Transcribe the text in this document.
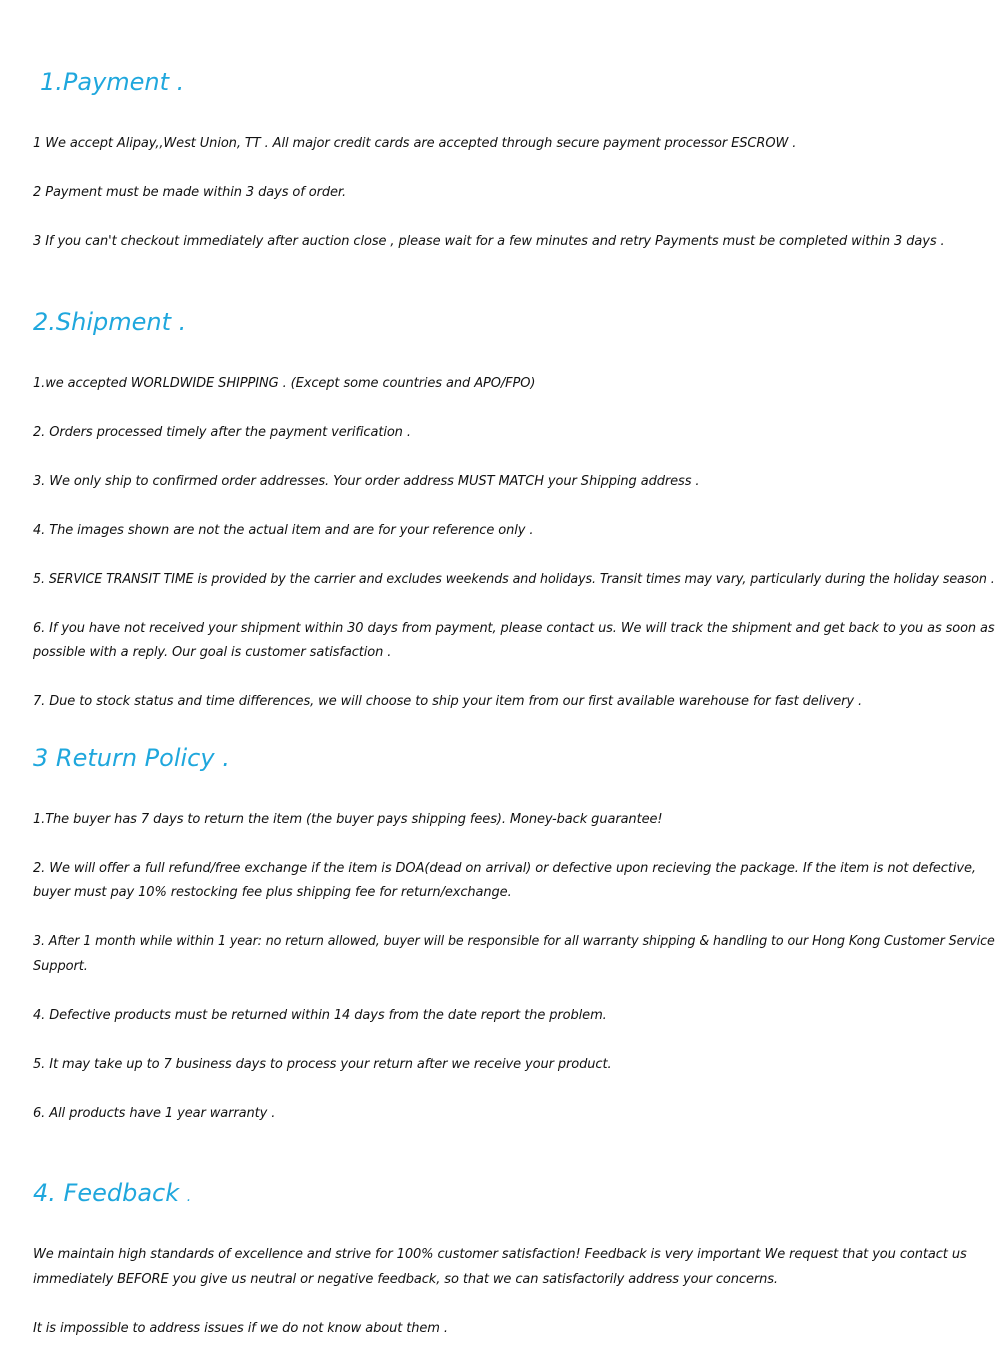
1.Payment .
1 We accept Alipay,,West Union, TT . All major credit cards are accepted through secure payment processor ESCROW .
2 Payment must be made within 3 days of order.
3 If you can't checkout immediately after auction close , please wait for a few minutes and retry Payments must be completed within 3 days .
2.Shipment .
1.we accepted WORLDWIDE SHIPPING . (Except some countries and APO/FPO)
2. Orders processed timely after the payment verification .
3. We only ship to confirmed order addresses. Your order address MUST MATCH your Shipping address .
4. The images shown are not the actual item and are for your reference only .
5. SERVICE TRANSIT TIME is provided by the carrier and excludes weekends and holidays. Transit times may vary, particularly during the holiday season .
6. If you have not received your shipment within 30 days from payment, please contact us. We will track the shipment and get back to you as soon as
possible with a reply. Our goal is customer satisfaction .
7. Due to stock status and time differences, we will choose to ship your item from our first available warehouse for fast delivery .
3 Return Policy .
1.The buyer has 7 days to return the item (the buyer pays shipping fees). Money-back guarantee!
2. We will offer a full refund/free exchange if the item is DOA(dead on arrival) or defective upon recieving the package. If the item is not defective,
buyer must pay 10% restocking fee plus shipping fee for return/exchange.
3. After 1 month while within 1 year: no return allowed, buyer will be responsible for all warranty shipping & handling to our Hong Kong Customer Service
Support.
4. Defective products must be returned within 14 days from the date report the problem.
5. It may take up to 7 business days to process your return after we receive your product.
6. All products have 1 year warranty .
4. Feedback .
We maintain high standards of excellence and strive for 100% customer satisfaction! Feedback is very important We request that you contact us
immediately BEFORE you give us neutral or negative feedback, so that we can satisfactorily address your concerns.
It is impossible to address issues if we do not know about them .
